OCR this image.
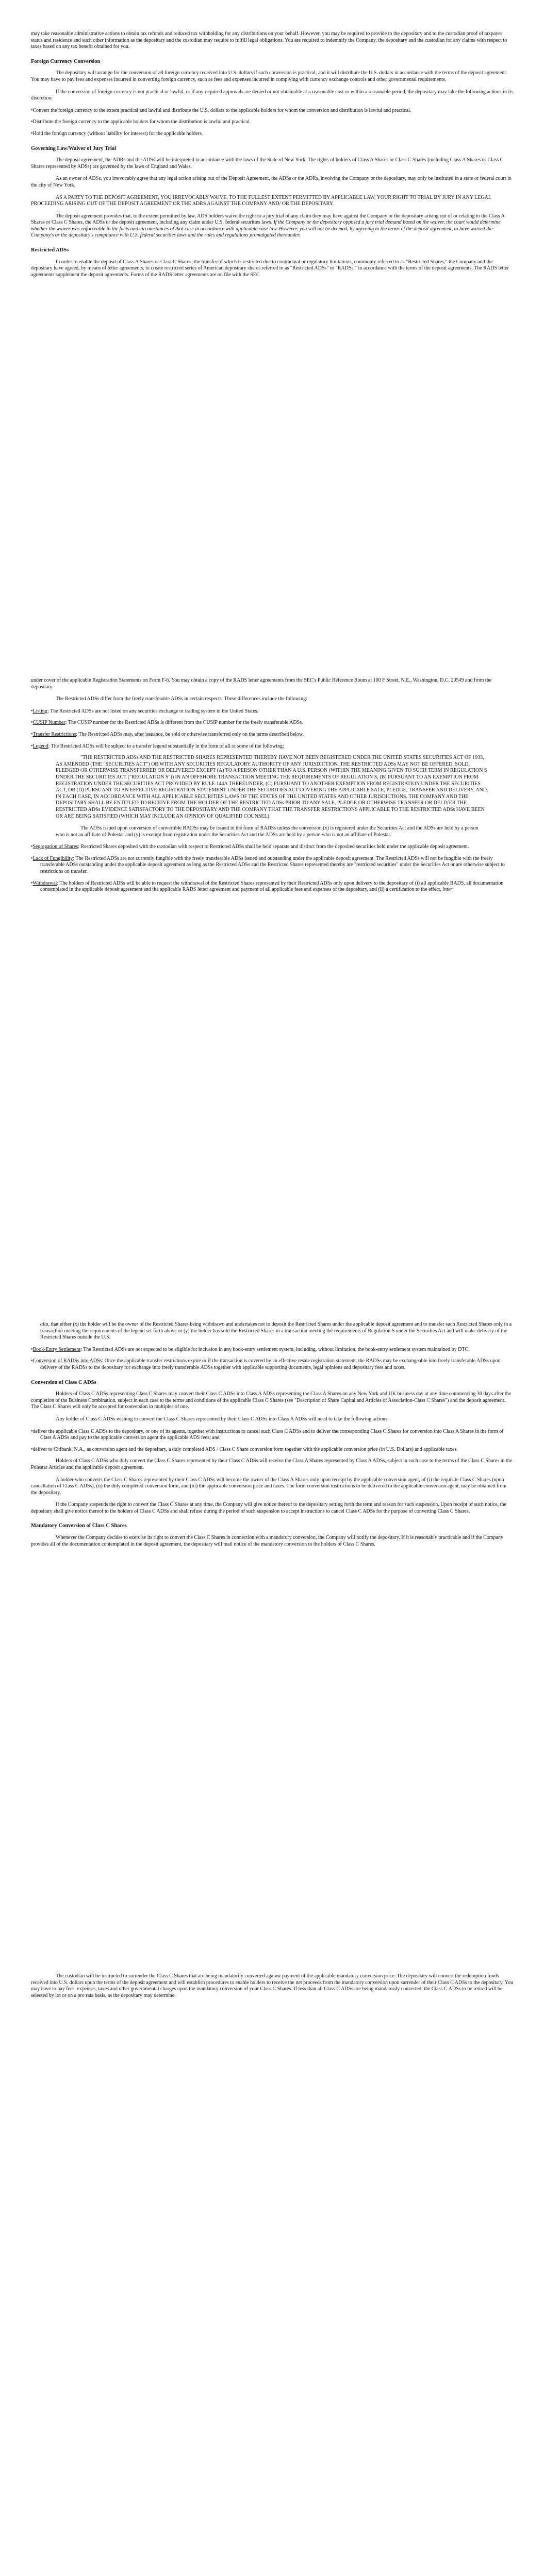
may take reasonable administrative actions to obtain tax refunds and reduced tax withholding for any distributions on your behalf. However, you may be required to provide to the depositary and to the custodian proof of taxpayer status and residence and such other information as the depositary and the custodian may require to fulfill legal obligations. You are required to indemnify the Company, the depositary and the custodian for any claims with respect to taxes based on any tax benefit obtained for you.

Foreign Currency Conversion

The depositary will arrange for the conversion of all foreign currency received into U.S. dollars if such conversion is practical, and it will distribute the U.S. dollars in accordance with the terms of the deposit agreement. You may have to pay fees and expenses incurred in converting foreign currency, such as fees and expenses incurred in complying with currency exchange controls and other governmental requirements.

If the conversion of foreign currency is not practical or lawful, or if any required approvals are denied or not obtainable at a reasonable cost or within a reasonable period, the depositary may take the following actions in its discretion:

•Convert the foreign currency to the extent practical and lawful and distribute the U.S. dollars to the applicable holders for whom the conversion and distribution is lawful and practical.

•Distribute the foreign currency to the applicable holders for whom the distribution is lawful and practical.

•Hold the foreign currency (without liability for interest) for the applicable holders.

Governing Law/Waiver of Jury Trial

The deposit agreement, the ADRs and the ADSs will be interpreted in accordance with the laws of the State of New York. The rights of holders of Class A Shares or Class C Shares (including Class A Shares or Class C Shares represented by ADSs) are governed by the laws of England and Wales.

As an owner of ADSs, you irrevocably agree that any legal action arising out of the Deposit Agreement, the ADSs or the ADRs, involving the Company or the depositary, may only be instituted in a state or federal court in the city of New York.

AS A PARTY TO THE DEPOSIT AGREEMENT, YOU IRREVOCABLY WAIVE, TO THE FULLEST EXTENT PERMITTED BY APPLICABLE LAW, YOUR RIGHT TO TRIAL BY JURY IN ANY LEGAL PROCEEDING ARISING OUT OF THE DEPOSIT AGREEMENT OR THE ADRS AGAINST THE COMPANY AND/ OR THE DEPOSITARY.

The deposit agreement provides that, to the extent permitted by law, ADS holders waive the right to a jury trial of any claim they may have against the Company or the depositary arising out of or relating to the Class A Shares or Class C Shares, the ADSs or the deposit agreement, including any claim under U.S. federal securities laws. If the Company or the depositary opposed a jury trial demand based on the waiver, the court would determine whether the waiver was enforceable in the facts and circumstances of that case in accordance with applicable case law. However, you will not be deemed, by agreeing to the terms of the deposit agreement, to have waived the Company's or the depositary's compliance with U.S. federal securities laws and the rules and regulations promulgated thereunder.

Restricted ADSs

In order to enable the deposit of Class A Shares or Class C Shares, the transfer of which is restricted due to contractual or regulatory limitations, commonly referred to as "Restricted Shares," the Company and the depositary have agreed, by means of letter agreements, to create restricted series of American depositary shares referred to as "Restricted ADSs" or "RADSs," in accordance with the terms of the deposit agreements. The RADS letter agreements supplement the deposit agreements. Forms of the RADS letter agreements are on file with the SEC

under cover of the applicable Registration Statements on Form F-6. You may obtain a copy of the RADS letter agreements from the SEC's Public Reference Room at 100 F Street, N.E., Washington, D.C. 20549 and from the depositary.

The Restricted ADSs differ from the freely transferable ADSs in certain respects. These differences include the following:

•Listing: The Restricted ADSs are not listed on any securities exchange or trading system in the United States.

•CUSIP Number: The CUSIP number for the Restricted ADSs is different from the CUSIP number for the freely transferable ADSs.

•Transfer Restrictions: The Restricted ADSs may, after issuance, be sold or otherwise transferred only on the terms described below.

•Legend: The Restricted ADSs will be subject to a transfer legend substantially in the form of all or some of the following:

"THE RESTRICTED ADSs AND THE RESTRICTED SHARES REPRESENTED THEREBY HAVE NOT BEEN REGISTERED UNDER THE UNITED STATES SECURITIES ACT OF 1933, AS AMENDED (THE "SECURITIES ACT") OR WITH ANY SECURITIES REGULATORY AUTHORITY OF ANY JURISDICTION. THE RESTRICTED ADSs MAY NOT BE OFFERED, SOLD, PLEDGED OR OTHERWISE TRANSFERRED OR DELIVERED EXCEPT (A) TO A PERSON OTHER THAN A U.S. PERSON (WITHIN THE MEANING GIVEN TO SUCH TERM IN REGULATION S UNDER THE SECURITIES ACT ("REGULATION S")) IN AN OFFSHORE TRANSACTION MEETING THE REQUIREMENTS OF REGULATION S, (B) PURSUANT TO AN EXEMPTION FROM REGISTRATION UNDER THE SECURITIES ACT PROVIDED BY RULE 144A THEREUNDER, (C) PURSUANT TO ANOTHER EXEMPTION FROM REGISTRATION UNDER THE SECURITIES ACT, OR (D) PURSUANT TO AN EFFECTIVE REGISTRATION STATEMENT UNDER THE SECURITIES ACT COVERING THE APPLICABLE SALE, PLEDGE, TRANSFER AND DELIVERY, AND, IN EACH CASE, IN ACCORDANCE WITH ALL APPLICABLE SECURITIES LAWS OF THE STATES OF THE UNITED STATES AND OTHER JURISDICTIONS. THE COMPANY AND THE DEPOSITARY SHALL BE ENTITLED TO RECEIVE FROM THE HOLDER OF THE RESTRICTED ADSs PRIOR TO ANY SALE, PLEDGE OR OTHERWISE TRANSFER OR DELIVER THE RESTRICTED ADSs EVIDENCE SATISFACTORY TO THE DEPOSITARY AND THE COMPANY THAT THE TRANSFER RESTRICTIONS APPLICABLE TO THE RESTRICTED ADSs HAVE BEEN OR ARE BEING SATISFIED (WHICH MAY INCLUDE AN OPINION OF QUALIFIED COUNSEL).

The ADSs issued upon conversion of convertible RADSs may be issued in the form of RADSs unless the conversion (x) is registered under the Securities Act and the ADSs are held by a person who is not an affiliate of Polestar and (y) is exempt from registration under the Securities Act and the ADSs are held by a person who is not an affiliate of Polestar.

•Segregation of Shares: Restricted Shares deposited with the custodian with respect to Restricted ADSs shall be held separate and distinct from the deposited securities held under the applicable deposit agreement.

•Lack of Fungibility: The Restricted ADSs are not currently fungible with the freely transferable ADSs issued and outstanding under the applicable deposit agreement. The Restricted ADSs will not be fungible with the freely transferable ADSs outstanding under the applicable deposit agreement as long as the Restricted ADSs and the Restricted Shares represented thereby are "restricted securities" under the Securities Act or are otherwise subject to restrictions on transfer.

•Withdrawal: The holders of Restricted ADSs will be able to request the withdrawal of the Restricted Shares represented by their Restricted ADSs only upon delivery to the depositary of (i) all applicable RADS, all documentation contemplated in the applicable deposit agreement and the applicable RADS letter agreement and payment of all applicable fees and expenses of the depositary, and (ii) a certification to the effect, inter

alia, that either (x) the holder will be the owner of the Restricted Shares being withdrawn and undertakes not to deposit the Restricted Shares under the applicable deposit agreement and to transfer such Restricted Shares only in a transaction meeting the requirements of the legend set forth above or (y) the holder has sold the Restricted Shares in a transaction meeting the requirements of Regulation S under the Securities Act and will make delivery of the Restricted Shares outside the U.S.

•Book-Entry Settlement: The Restricted ADSs are not expected to be eligible for inclusion in any book-entry settlement system, including, without limitation, the book-entry settlement system maintained by DTC.

•Conversion of RADSs into ADSs: Once the applicable transfer restrictions expire or if the transaction is covered by an effective resale registration statement, the RADSs may be exchangeable into freely transferable ADSs upon delivery of the RADSs to the depositary for exchange into freely transferable ADSs together with applicable supporting documents, legal opinions and depositary fees and taxes.

Conversion of Class C ADSs

Holders of Class C ADSs representing Class C Shares may convert their Class C ADSs into Class A ADSs representing the Class A Shares on any New York and UK business day at any time commencing 30 days after the completion of the Business Combination, subject in each case to the terms and conditions of the applicable Class C Shares (see "Description of Share Capital and Articles of Association-Class C Shares") and the deposit agreement. The Class C Shares will only be accepted for conversion in multiples of one.

Any holder of Class C ADSs wishing to convert the Class C Shares represented by their Class C ADSs into Class A ADSs will need to take the following actions:

•deliver the applicable Class C ADSs to the depositary, or one of its agents, together with instructions to cancel such Class C ADSs and to deliver the corresponding Class C Shares for conversion into Class A Shares in the form of Class A ADSs and pay to the applicable conversion agent the applicable ADS fees; and

•deliver to Citibank, N.A., as conversion agent and the depositary, a duly completed ADS / Class C Share conversion form together with the applicable conversion price (in U.S. Dollars) and applicable taxes.

Holders of Class C ADSs who duly convert the Class C Shares represented by their Class C ADSs will receive the Class A Shares represented by Class A ADSs, subject in each case to the terms of the Class C Shares in the Polestar Articles and the applicable deposit agreement.

A holder who converts the Class C Shares represented by their Class C ADSs will become the owner of the Class A Shares only upon receipt by the applicable conversion agent, of (i) the requisite Class C Shares (upon cancellation of Class C ADSs), (ii) the duly completed conversion form, and (iii) the applicable conversion price and taxes. The form conversion instructions to be delivered to the applicable conversion agent, may be obtained from the depositary.

If the Company suspends the right to convert the Class C Shares at any time, the Company will give notice thereof to the depositary setting forth the term and reason for such suspension. Upon receipt of such notice, the depositary shall give notice thereof to the holders of Class C ADSs and shall refuse during the period of such suspension to accept instructions to cancel Class C ADSs for the purpose of converting Class C Shares.

Mandatory Conversion of Class C Shares

Whenever the Company decides to exercise its right to convert the Class C Shares in connection with a mandatory conversion, the Company will notify the depositary. If it is reasonably practicable and if the Company provides all of the documentation contemplated in the deposit agreement, the depositary will mail notice of the mandatory conversion to the holders of Class C Shares.

The custodian will be instructed to surrender the Class C Shares that are being mandatorily converted against payment of the applicable mandatory conversion price. The depositary will convert the redemption funds received into U.S. dollars upon the terms of the deposit agreement and will establish procedures to enable holders to receive the net proceeds from the mandatory conversion upon surrender of their Class C ADSs to the depositary. You may have to pay fees, expenses, taxes and other governmental charges upon the mandatory conversion of your Class C Shares. If less than all Class C ADSs are being mandatorily converted, the Class C ADSs to be retired will be selected by lot or on a pro rata basis, as the depositary may determine.
